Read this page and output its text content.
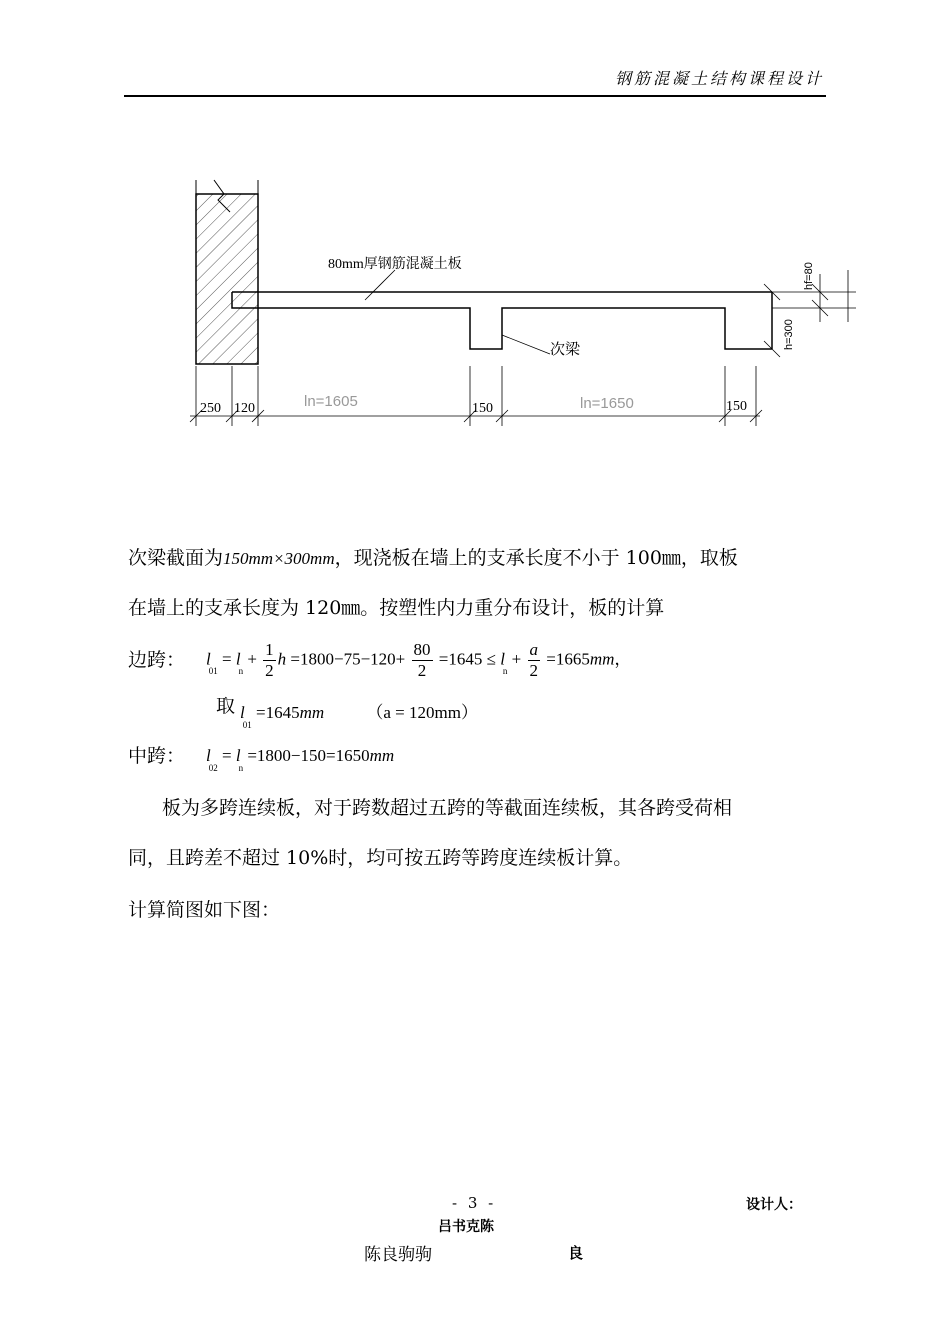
钢筋混凝土结构课程设计
80mm厚钢筋混凝土板
次梁
hf=80
h=300
250 120	ln=1605	150	ln=1650	150
次梁截面为150mm×300mm，现浇板在墙上的支承长度不小于 100㎜，取板
在墙上的支承长度为 120㎜。按塑性内力重分布设计，板的计算
边跨： $l_{01} = l_n + \frac{1}{2}$ $h =1800-75-120+ \frac{80}{2} =1645 \le l_n + \frac{a}{2} =1665mm$，
取 $l_{01} =1645mm$ （a = 120mm）
中跨： $l_{02} = l_n =1800-150=1650mm$
板为多跨连续板，对于跨数超过五跨的等截面连续板，其各跨受荷相
同，且跨差不超过 10%时，均可按五跨等跨度连续板计算。
计算简图如下图：
- 3 -	设计人：
吕书克陈
陈良驹驹	良
